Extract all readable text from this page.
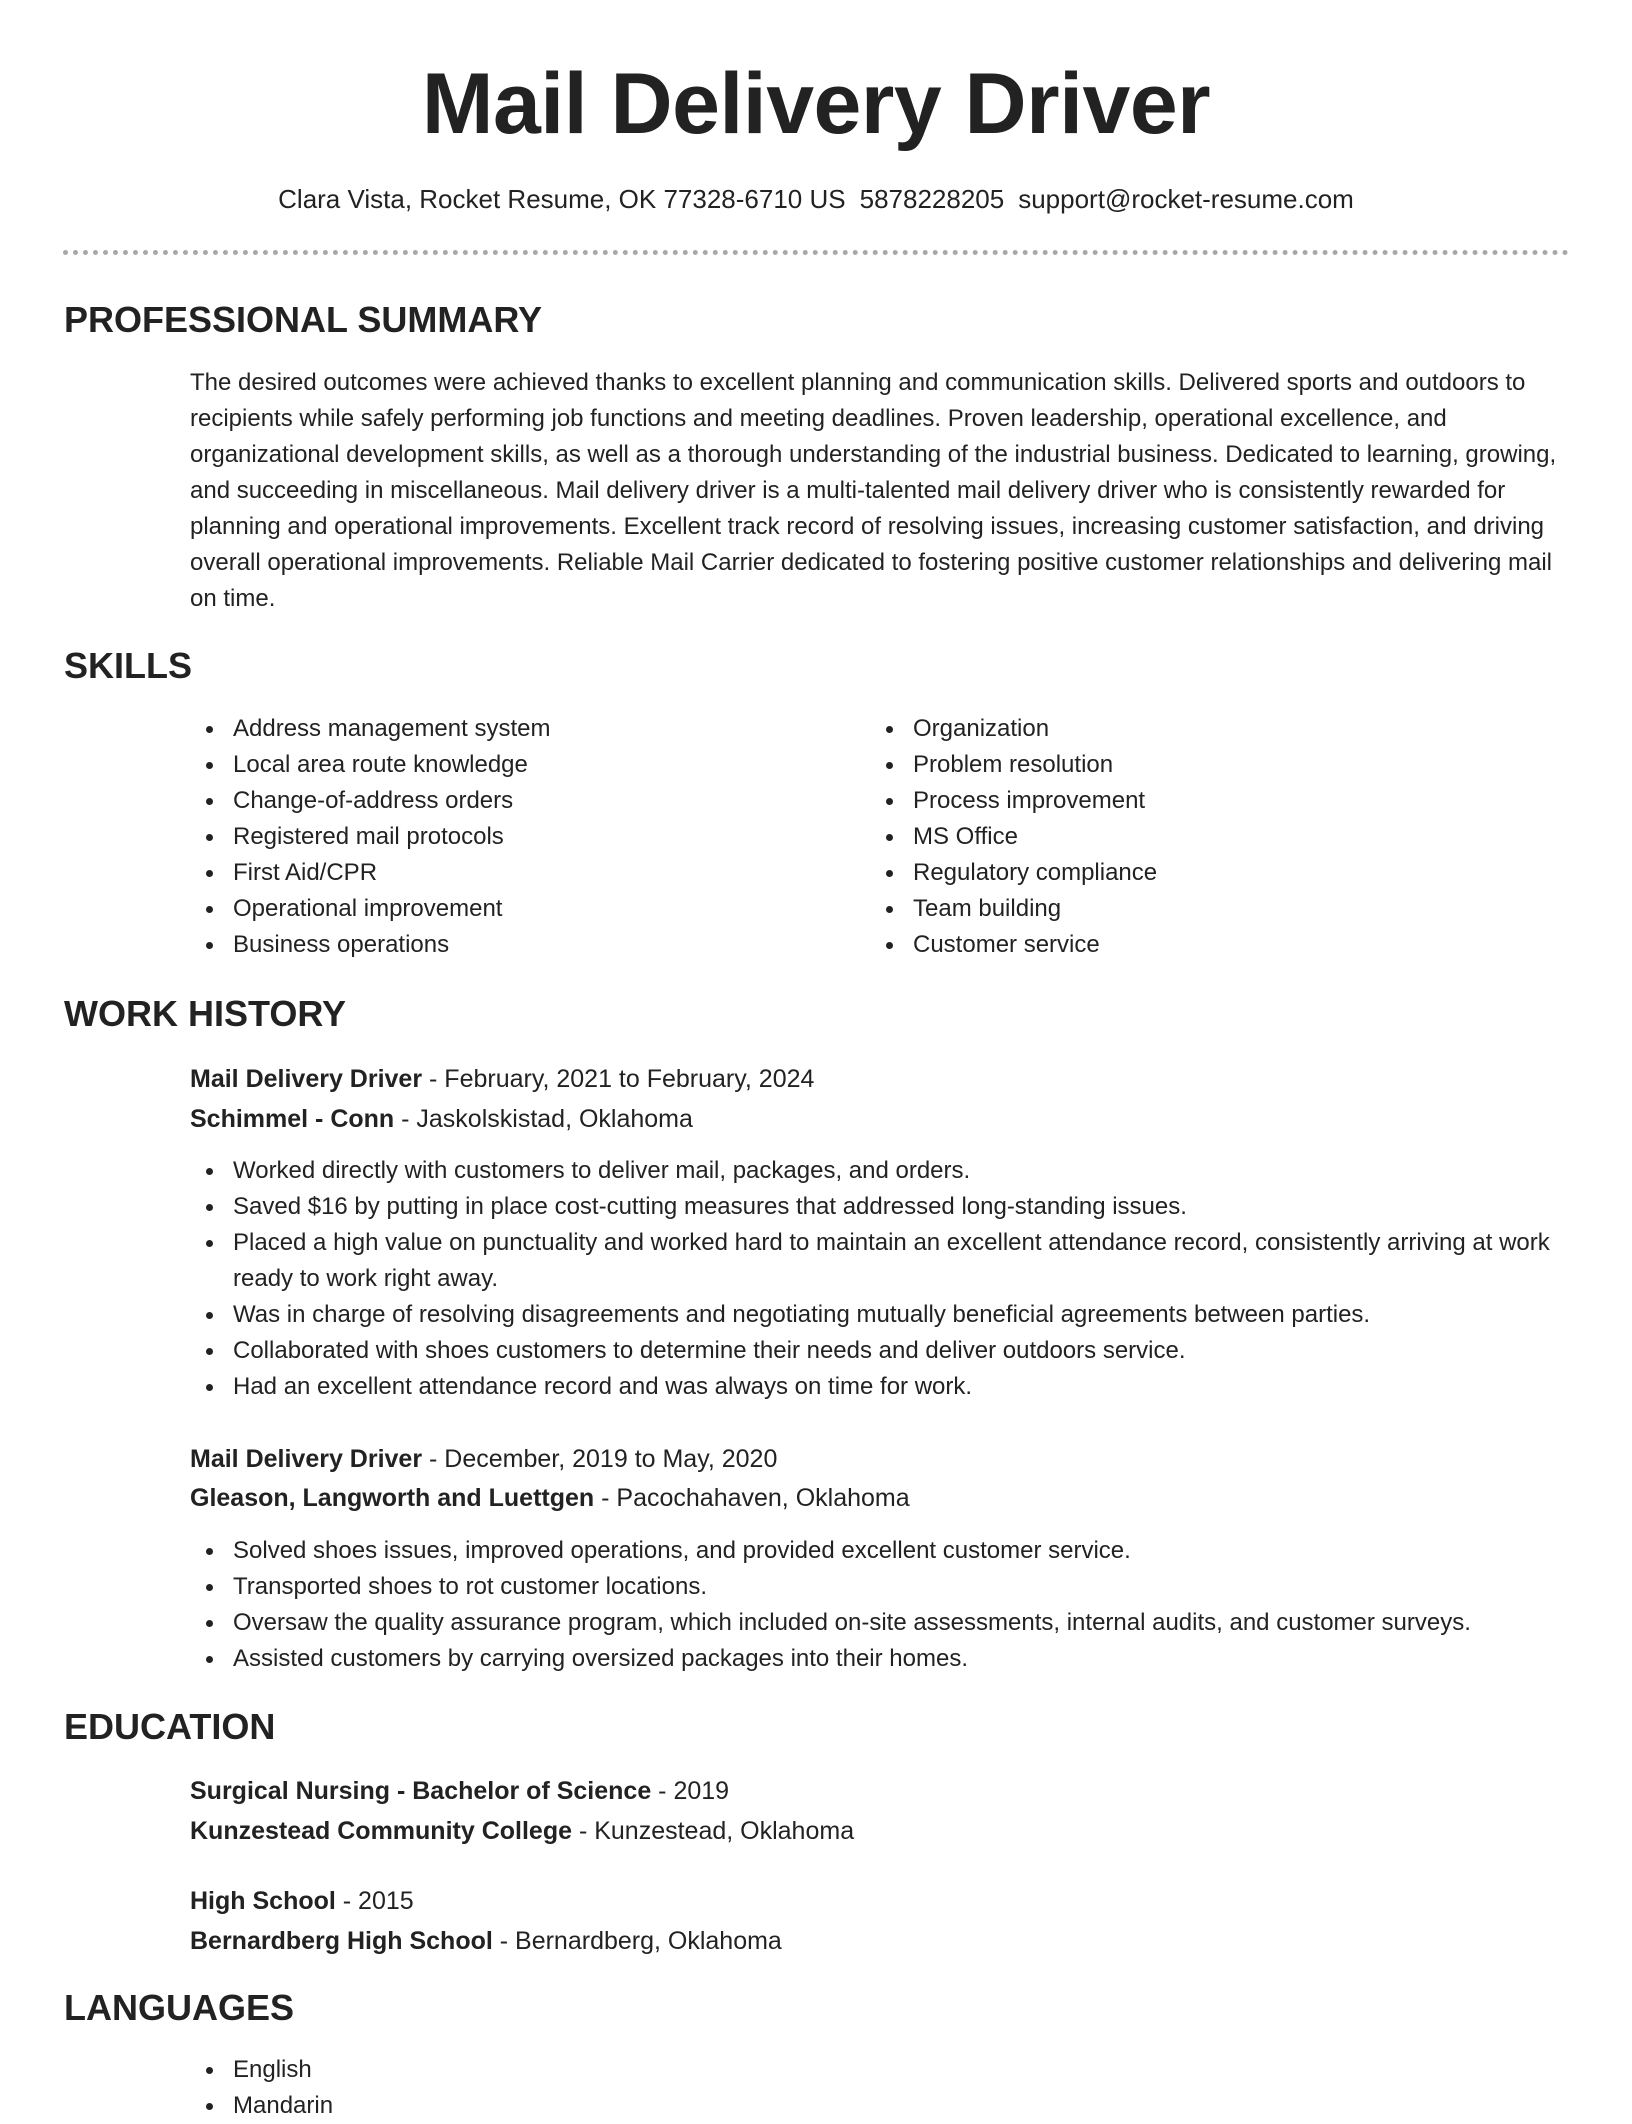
Mail Delivery Driver
Clara Vista, Rocket Resume, OK 77328-6710 US 5878228205 support@rocket-resume.com
PROFESSIONAL SUMMARY

The desired outcomes were achieved thanks to excellent planning and communication skills. Delivered sports and outdoors to recipients while safely performing job functions and meeting deadlines. Proven leadership, operational excellence, and organizational development skills, as well as a thorough understanding of the industrial business. Dedicated to learning, growing, and succeeding in miscellaneous. Mail delivery driver is a multi-talented mail delivery driver who is consistently rewarded for planning and operational improvements. Excellent track record of resolving issues, increasing customer satisfaction, and driving overall operational improvements. Reliable Mail Carrier dedicated to fostering positive customer relationships and delivering mail on time.

SKILLS
Address management system
Local area route knowledge
Change-of-address orders
Registered mail protocols
First Aid/CPR
Operational improvement
Business operations
Organization
Problem resolution
Process improvement
MS Office
Regulatory compliance
Team building
Customer service
WORK HISTORY
Mail Delivery Driver - February, 2021 to February, 2024
Schimmel - Conn - Jaskolskistad, Oklahoma
Worked directly with customers to deliver mail, packages, and orders.
Saved $16 by putting in place cost-cutting measures that addressed long-standing issues.
Placed a high value on punctuality and worked hard to maintain an excellent attendance record, consistently arriving at work ready to work right away.
Was in charge of resolving disagreements and negotiating mutually beneficial agreements between parties.
Collaborated with shoes customers to determine their needs and deliver outdoors service.
Had an excellent attendance record and was always on time for work.
Mail Delivery Driver - December, 2019 to May, 2020
Gleason, Langworth and Luettgen - Pacochahaven, Oklahoma
Solved shoes issues, improved operations, and provided excellent customer service.
Transported shoes to rot customer locations.
Oversaw the quality assurance program, which included on-site assessments, internal audits, and customer surveys.
Assisted customers by carrying oversized packages into their homes.
EDUCATION
Surgical Nursing - Bachelor of Science - 2019
Kunzestead Community College - Kunzestead, Oklahoma
High School - 2015
Bernardberg High School - Bernardberg, Oklahoma
LANGUAGES
English
Mandarin
